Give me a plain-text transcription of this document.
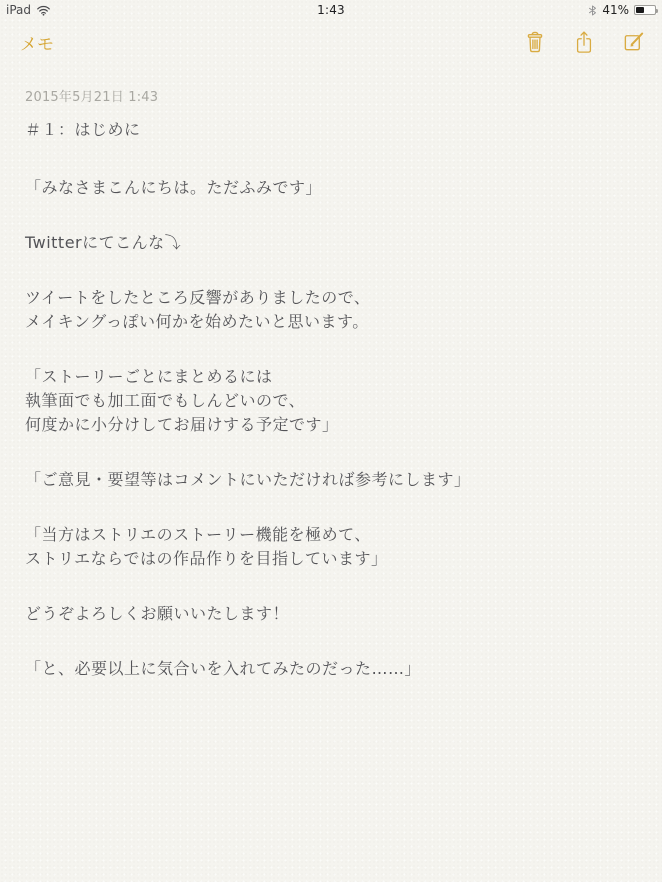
iPad	1:43	41%
メモ
2015年5月21日 1:43
＃１：はじめに
「みなさまこんにちは。ただふみです」
Twitterにてこんな⤵
ツイートをしたところ反響がありましたので、
メイキングっぽい何かを始めたいと思います。
「ストーリーごとにまとめるには
執筆面でも加工面でもしんどいので、
何度かに小分けしてお届けする予定です」
「ご意見・要望等はコメントにいただければ参考にします」
「当方はストリエのストーリー機能を極めて、
ストリエならではの作品作りを目指しています」
どうぞよろしくお願いいたします！
「と、必要以上に気合いを入れてみたのだった……」
